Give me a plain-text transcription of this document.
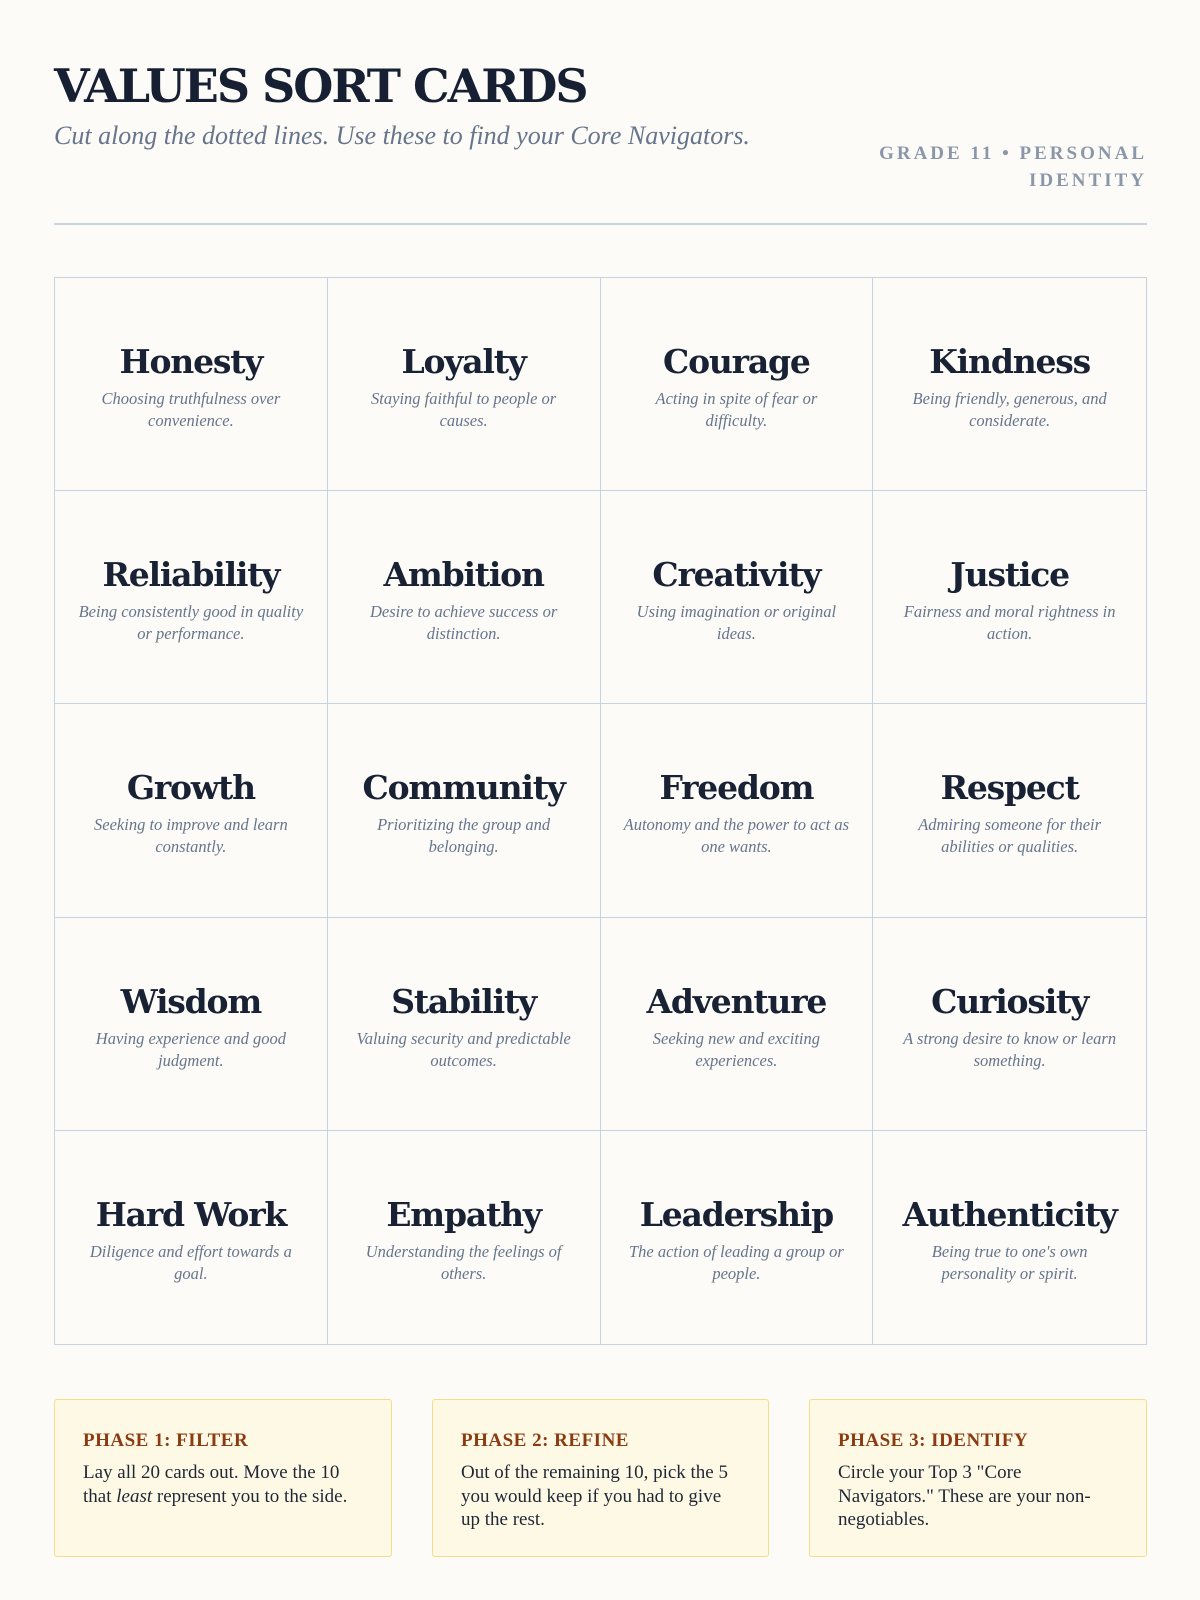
VALUES SORT CARDS

Cut along the dotted lines. Use these to find your Core Navigators.

GRADE 11 • PERSONAL
IDENTITY
Honesty
Choosing truthfulness over convenience.
Loyalty
Staying faithful to people or causes.
Courage
Acting in spite of fear or difficulty.
Kindness
Being friendly, generous, and considerate.
Reliability
Being consistently good in quality or performance.
Ambition
Desire to achieve success or distinction.
Creativity
Using imagination or original ideas.
Justice
Fairness and moral rightness in action.
Growth
Seeking to improve and learn constantly.
Community
Prioritizing the group and belonging.
Freedom
Autonomy and the power to act as one wants.
Respect
Admiring someone for their abilities or qualities.
Wisdom
Having experience and good judgment.
Stability
Valuing security and predictable outcomes.
Adventure
Seeking new and exciting experiences.
Curiosity
A strong desire to know or learn something.
Hard Work
Diligence and effort towards a goal.
Empathy
Understanding the feelings of others.
Leadership
The action of leading a group or people.
Authenticity
Being true to one's own personality or spirit.
PHASE 1: FILTER
Lay all 20 cards out. Move the 10 that least represent you to the side.
PHASE 2: REFINE
Out of the remaining 10, pick the 5 you would keep if you had to give up the rest.
PHASE 3: IDENTIFY
Circle your Top 3 "Core Navigators." These are your non-negotiables.
